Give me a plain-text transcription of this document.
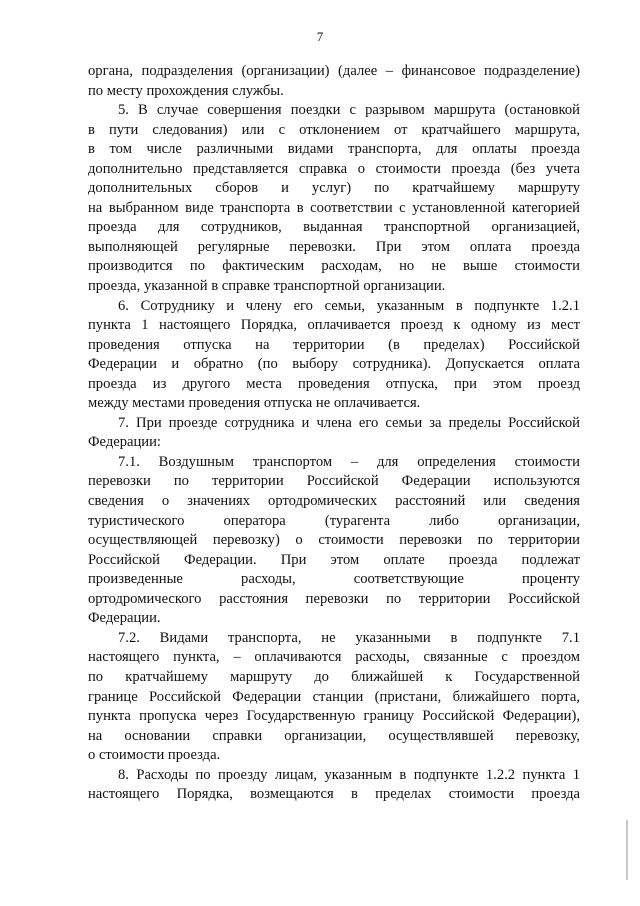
7
органа, подразделения (организации) (далее – финансовое подразделение)
по месту прохождения службы.
5. В случае совершения поездки с разрывом маршрута (остановкой
в пути следования) или с отклонением от кратчайшего маршрута,
в том числе различными видами транспорта, для оплаты проезда
дополнительно представляется справка о стоимости проезда (без учета
дополнительных сборов и услуг) по кратчайшему маршруту
на выбранном виде транспорта в соответствии с установленной категорией
проезда для сотрудников, выданная транспортной организацией,
выполняющей регулярные перевозки. При этом оплата проезда
производится по фактическим расходам, но не выше стоимости
проезда, указанной в справке транспортной организации.
6. Сотруднику и члену его семьи, указанным в подпункте 1.2.1
пункта 1 настоящего Порядка, оплачивается проезд к одному из мест
проведения отпуска на территории (в пределах) Российской
Федерации и обратно (по выбору сотрудника). Допускается оплата
проезда из другого места проведения отпуска, при этом проезд
между местами проведения отпуска не оплачивается.
7. При проезде сотрудника и члена его семьи за пределы Российской
Федерации:
7.1. Воздушным транспортом – для определения стоимости
перевозки по территории Российской Федерации используются
сведения о значениях ортодромических расстояний или сведения
туристического оператора (турагента либо организации,
осуществляющей перевозку) о стоимости перевозки по территории
Российской Федерации. При этом оплате проезда подлежат
произведенные расходы, соответствующие проценту
ортодромического расстояния перевозки по территории Российской
Федерации.
7.2. Видами транспорта, не указанными в подпункте 7.1
настоящего пункта, – оплачиваются расходы, связанные с проездом
по кратчайшему маршруту до ближайшей к Государственной
границе Российской Федерации станции (пристани, ближайшего порта,
пункта пропуска через Государственную границу Российской Федерации),
на основании справки организации, осуществлявшей перевозку,
о стоимости проезда.
8. Расходы по проезду лицам, указанным в подпункте 1.2.2 пункта 1
настоящего Порядка, возмещаются в пределах стоимости проезда
